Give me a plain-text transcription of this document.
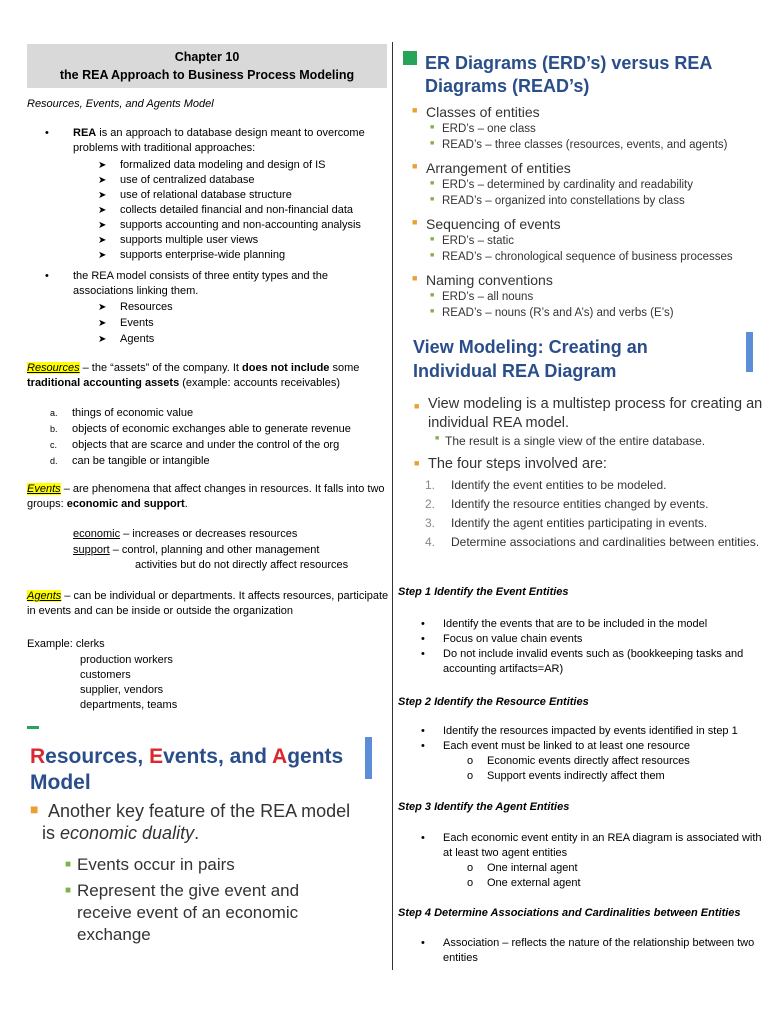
Chapter 10
the REA Approach to Business Process Modeling
Resources, Events, and Agents Model
REA is an approach to database design meant to overcome problems with traditional approaches:
➤ formalized data modeling and design of IS
➤ use of centralized database
➤ use of relational database structure
➤ collects detailed financial and non-financial data
➤ supports accounting and non-accounting analysis
➤ supports multiple user views
➤ supports enterprise-wide planning
the REA model consists of three entity types and the associations linking them.
➤ Resources
➤ Events
➤ Agents
Resources – the “assets” of the company. It does not include some traditional accounting assets (example: accounts receivables)
a. things of economic value
b. objects of economic exchanges able to generate revenue
c. objects that are scarce and under the control of the org
d. can be tangible or intangible
Events – are phenomena that affect changes in resources. It falls into two groups: economic and support.
economic – increases or decreases resources
support – control, planning and other management
activities but do not directly affect resources
Agents – can be individual or departments. It affects resources, participate in events and can be inside or outside the organization
Example: clerks
production workers
customers
supplier, vendors
departments, teams
Resources, Events, and Agents
Model
■ Another key feature of the REA model is economic duality.
■ Events occur in pairs
■ Represent the give event and receive event of an economic exchange
ER Diagrams (ERD’s) versus REA Diagrams (READ’s)
■ Classes of entities
■ ERD’s – one class
■ READ’s – three classes (resources, events, and agents)
■ Arrangement of entities
■ ERD’s – determined by cardinality and readability
■ READ’s – organized into constellations by class
■ Sequencing of events
■ ERD’s – static
■ READ’s – chronological sequence of business processes
■ Naming conventions
■ ERD’s – all nouns
■ READ’s – nouns (R’s and A’s) and verbs (E’s)
View Modeling: Creating an Individual REA Diagram
■ View modeling is a multistep process for creating an individual REA model.
■ The result is a single view of the entire database.
■ The four steps involved are:
1. Identify the event entities to be modeled.
2. Identify the resource entities changed by events.
3. Identify the agent entities participating in events.
4. Determine associations and cardinalities between entities.
Step 1 Identify the Event Entities
• Identify the events that are to be included in the model
• Focus on value chain events
• Do not include invalid events such as (bookkeeping tasks and accounting artifacts=AR)
Step 2 Identify the Resource Entities
• Identify the resources impacted by events identified in step 1
• Each event must be linked to at least one resource
o Economic events directly affect resources
o Support events indirectly affect them
Step 3 Identify the Agent Entities
• Each economic event entity in an REA diagram is associated with at least two agent entities
o One internal agent
o One external agent
Step 4 Determine Associations and Cardinalities between Entities
• Association – reflects the nature of the relationship between two entities
